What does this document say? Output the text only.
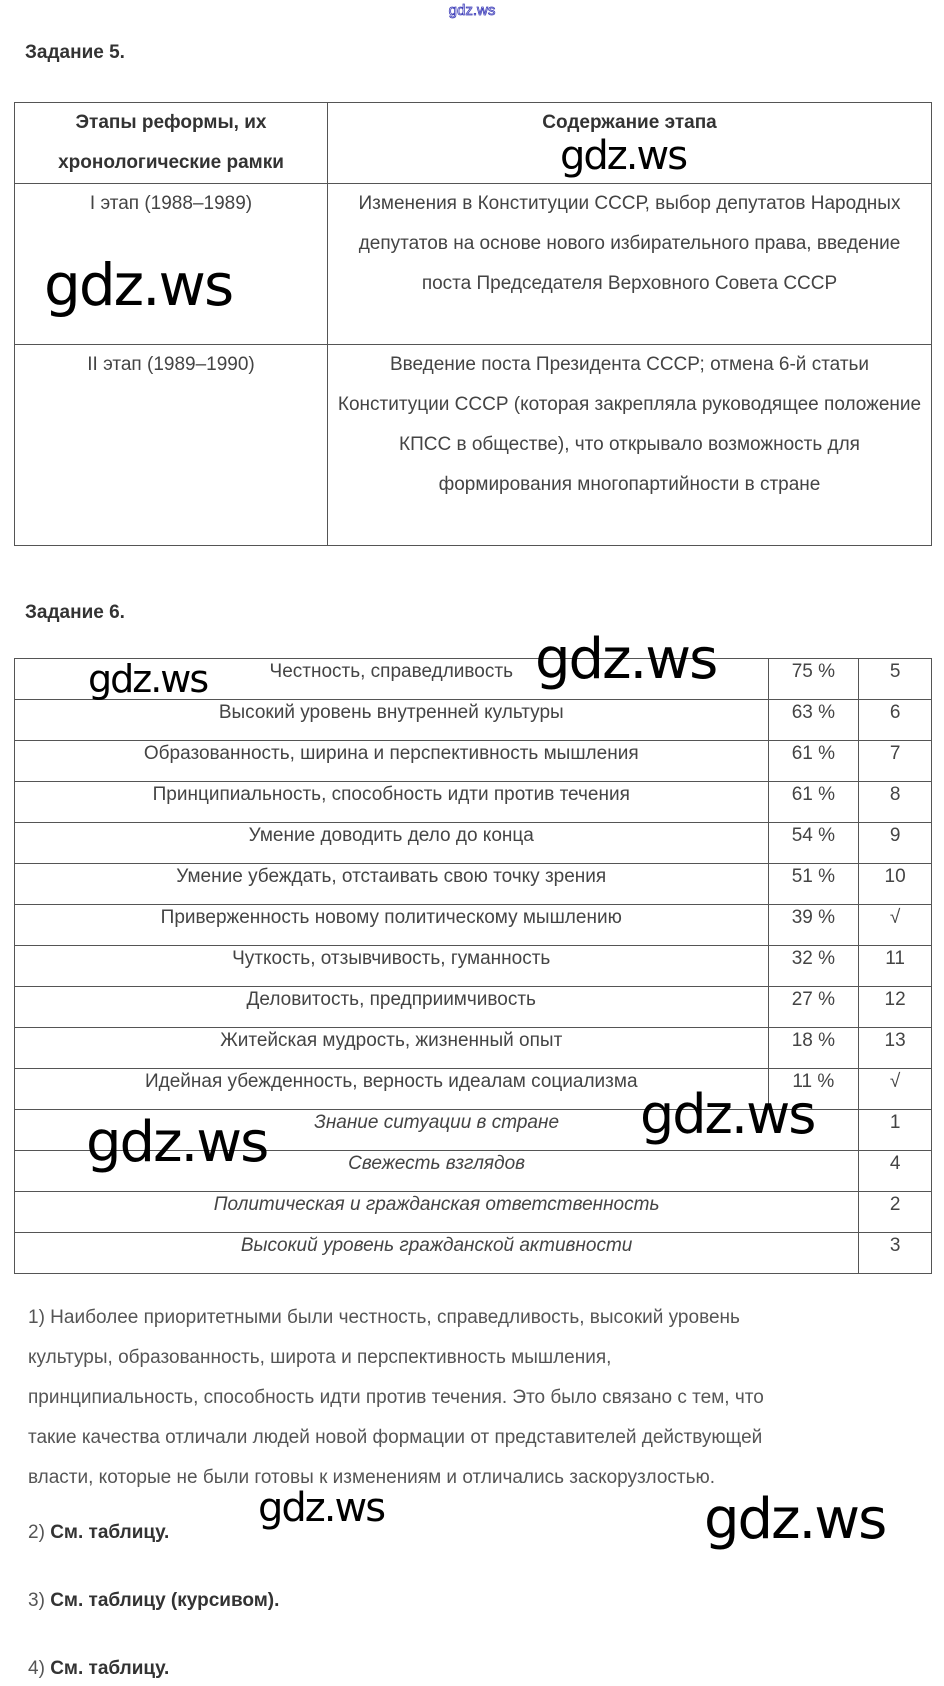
gdz.ws
Задание 5.
Этапы реформы, их хронологические рамки	Содержание этапа
I этап (1988–1989)	Изменения в Конституции СССР, выбор депутатов Народных депутатов на основе нового избирательного права, введение поста Председателя Верховного Совета СССР
II этап (1989–1990)	Введение поста Президента СССР; отмена 6-й статьи Конституции СССР (которая закрепляла руководящее положение КПСС в обществе), что открывало возможность для формирования многопартийности в стране
Задание 6.
Честность, справедливость	75 %	5
Высокий уровень внутренней культуры	63 %	6
Образованность, ширина и перспективность мышления	61 %	7
Принципиальность, способность идти против течения	61 %	8
Умение доводить дело до конца	54 %	9
Умение убеждать, отстаивать свою точку зрения	51 %	10
Приверженность новому политическому мышлению	39 %	√
Чуткость, отзывчивость, гуманность	32 %	11
Деловитость, предприимчивость	27 %	12
Житейская мудрость, жизненный опыт	18 %	13
Идейная убежденность, верность идеалам социализма	11 %	√
Знание ситуации в стране		1
Свежесть взглядов		4
Политическая и гражданская ответственность		2
Высокий уровень гражданской активности		3
1) Наиболее приоритетными были честность, справедливость, высокий уровень
культуры, образованность, широта и перспективность мышления,
принципиальность, способность идти против течения. Это было связано с тем, что
такие качества отличали людей новой формации от представителей действующей
власти, которые не были готовы к изменениям и отличались заскорузлостью.
2) См. таблицу.
3) См. таблицу (курсивом).
4) См. таблицу.
gdz.ws
gdz.ws
gdz.ws	gdz.ws
gdz.ws
gdz.ws
gdz.ws	gdz.ws
